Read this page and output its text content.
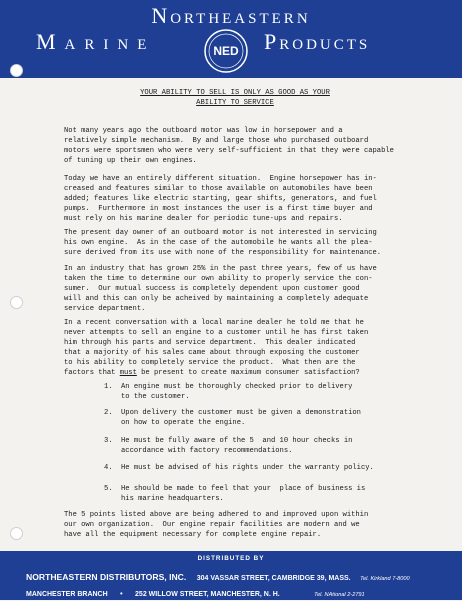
Northeastern
Marine	Products
NED
YOUR ABILITY TO SELL IS ONLY AS GOOD AS YOUR
ABILITY TO SERVICE
Not many years ago the outboard motor was low in horsepower and a
relatively simple mechanism.  By and large those who purchased outboard
motors were sportsmen who were very self-sufficient in that they were capable
of tuning up their own engines.
Today we have an entirely different situation.  Engine horsepower has in-
creased and features similar to those available on automobiles have been
added; features like electric starting, gear shifts, generators, and fuel
pumps.  Furthermore in most instances the user is a first time buyer and
must rely on his marine dealer for periodic tune-ups and repairs.
The present day owner of an outboard motor is not interested in servicing
his own engine.  As in the case of the automobile he wants all the plea-
sure derived from its use with none of the responsibility for maintenance.
In an industry that has grown 25% in the past three years, few of us have
taken the time to determine our own ability to properly service the con-
sumer.  Our mutual success is completely dependent upon customer good
will and this can only be acheived by maintaining a completely adequate
service department.
In a recent conversation with a local marine dealer he told me that he
never attempts to sell an engine to a customer until he has first taken
him through his parts and service department.  This dealer indicated
that a majority of his sales came about through exposing the customer
to his ability to completely service the product.  What then are the
factors that must be present to create maximum consumer satisfaction?
1. An engine must be thoroughly checked prior to delivery
to the customer.
2. Upon delivery the customer must be given a demonstration
on how to operate the engine.
3. He must be fully aware of the 5  and 10 hour checks in
accordance with factory recommendations.
4. He must be advised of his rights under the warranty policy.
5. He should be made to feel that your  place of business is
his marine headquarters.
The 5 points listed above are being adhered to and improved upon within
our own organization.  Our engine repair facilities are modern and we
have all the equipment necessary for complete engine repair.
DISTRIBUTED BY
NORTHEASTERN DISTRIBUTORS, INC. 304 VASSAR STREET, CAMBRIDGE 39, MASS. Tel. Kirkland 7-8000
MANCHESTER BRANCH • 252 WILLOW STREET, MANCHESTER, N. H.	Tel. NAtional 2-2791
